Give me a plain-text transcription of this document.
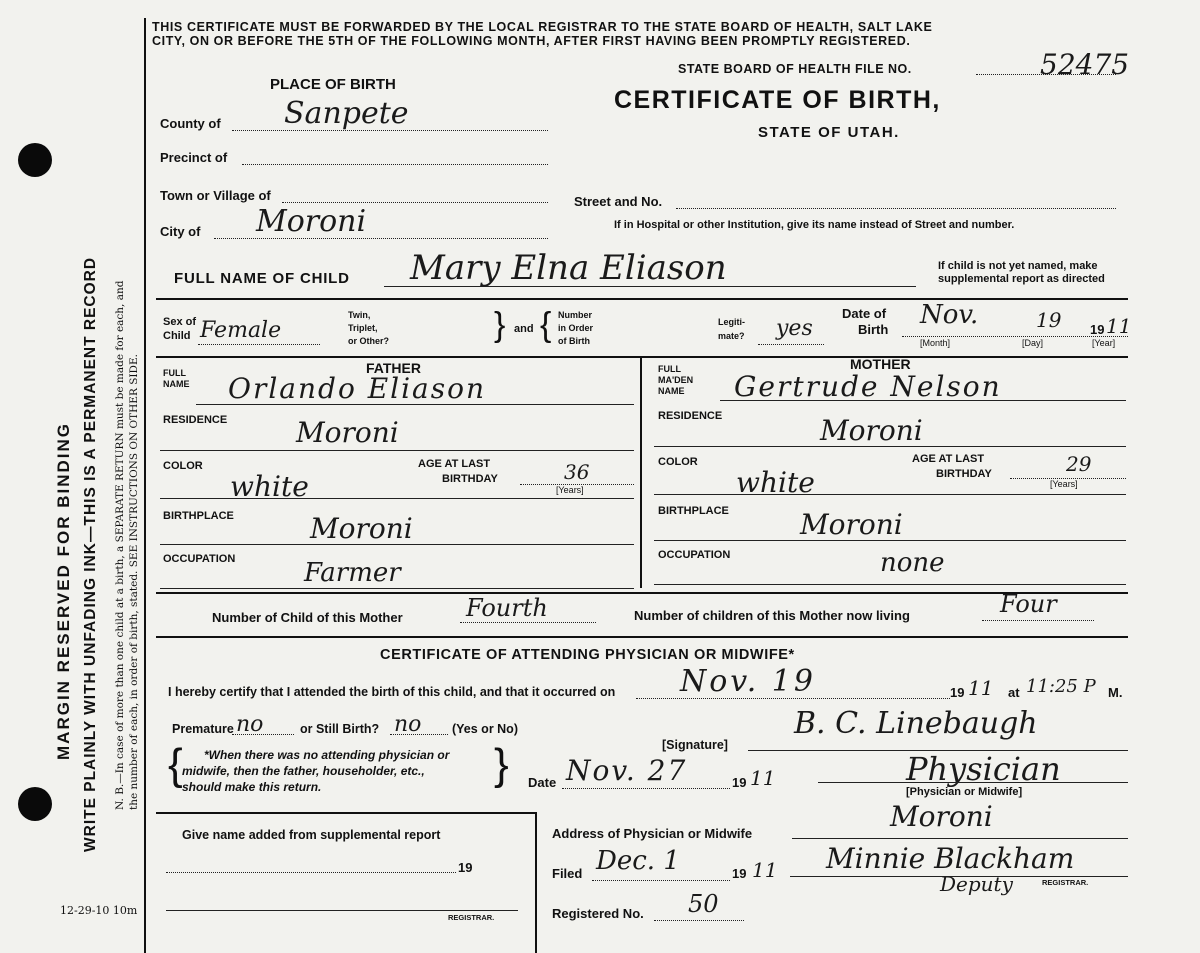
MARGIN RESERVED FOR BINDING WRITE PLAINLY WITH UNFADING INK—THIS IS A PERMANENT RECORD N. B.—In case of more than one child at a birth, a SEPARATE RETURN must be made for each, and the number of each, in order of birth, stated. SEE INSTRUCTIONS ON OTHER SIDE.
12-29-10 10m
THIS CERTIFICATE MUST BE FORWARDED BY THE LOCAL REGISTRAR TO THE STATE BOARD OF HEALTH, SALT LAKE
CITY, ON OR BEFORE THE 5TH OF THE FOLLOWING MONTH, AFTER FIRST HAVING BEEN PROMPTLY REGISTERED.
PLACE OF BIRTH
STATE BOARD OF HEALTH FILE NO.	52475
CERTIFICATE OF BIRTH,
STATE OF UTAH.
County of Sanpete
Precinct of
Town or Village of
City of Moroni
Street and No.
If in Hospital or other Institution, give its name instead of Street and number.
FULL NAME OF CHILD Mary Elna Eliason	If child is not yet named, make
supplemental report as directed
Sex of
Child Female
Twin,
Triplet,
or Other?	} and { Number
in Order
of Birth
Legiti-
mate? yes
Date of
Birth Nov.	19 19 11
[Month]	[Day]	[Year]
FULL
NAME
FATHER
Orlando Eliason
RESIDENCE Moroni
COLOR
white
AGE AT LAST
BIRTHDAY	36
[Years]
BIRTHPLACE	Moroni
OCCUPATION	Farmer
FULL
MA'DEN
NAME
MOTHER
Gertrude Nelson
RESIDENCE	Moroni
COLOR
white
AGE AT LAST
BIRTHDAY	29
[Years]
BIRTHPLACE	Moroni
OCCUPATION	none
Number of Child of this Mother	Fourth	Number of children of this Mother now living	Four
CERTIFICATE OF ATTENDING PHYSICIAN OR MIDWIFE*
I hereby certify that I attended the birth of this child, and that it occurred on Nov. 19	19 11 at 11:25 P M.
Premature no	or Still Birth? no (Yes or No)
{ *When there was no attending physician or
midwife, then the father, householder, etc.,
should make this return.	}	[Signature]
B. C. Linebaugh
Date Nov. 27	19 11	Physician
[Physician or Midwife]
Give name added from supplemental report
19
REGISTRAR.
Address of Physician or Midwife
Moroni
Filed Dec. 1	19 11 Minnie Blackham
REGISTRAR.
Deputy
Registered No. 50
